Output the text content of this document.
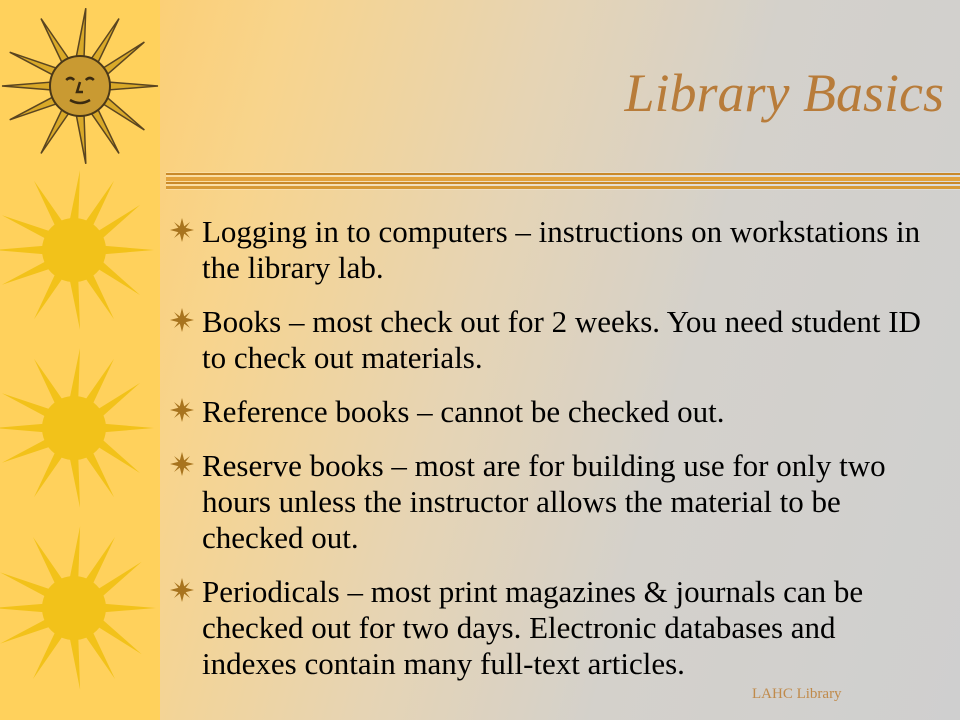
Library Basics
Logging in to computers – instructions on workstations in the library lab.
Books – most check out for 2 weeks. You need student ID to check out materials.
Reference books – cannot be checked out.
Reserve books – most are for building use for only two hours unless the instructor allows the material to be checked out.
Periodicals – most print magazines & journals can be checked out for two days. Electronic databases and indexes contain many full-text articles.
LAHC Library
